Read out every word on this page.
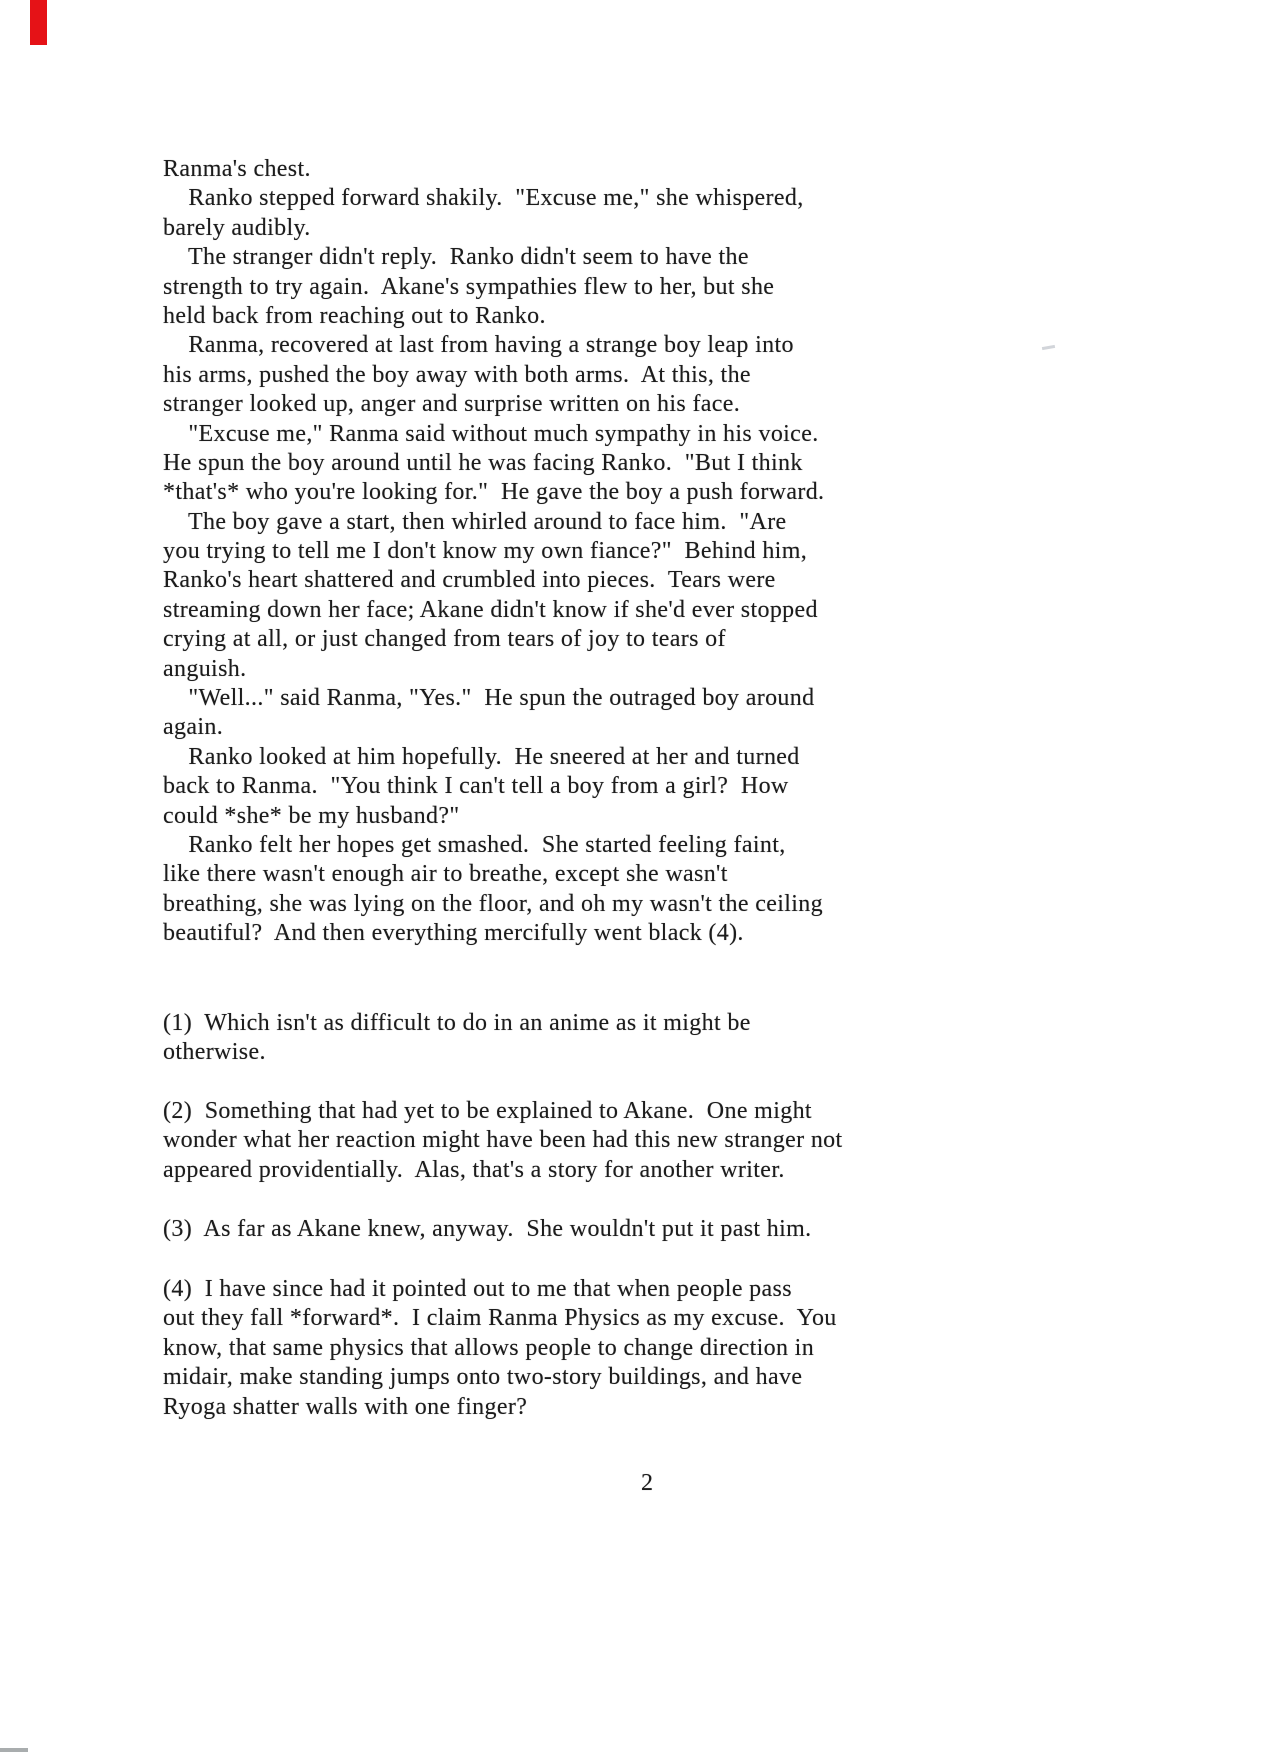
Ranma's chest.
Ranko stepped forward shakily.  "Excuse me," she whispered,
barely audibly.
The stranger didn't reply.  Ranko didn't seem to have the
strength to try again.  Akane's sympathies flew to her, but she
held back from reaching out to Ranko.
Ranma, recovered at last from having a strange boy leap into
his arms, pushed the boy away with both arms.  At this, the
stranger looked up, anger and surprise written on his face.
"Excuse me," Ranma said without much sympathy in his voice.
He spun the boy around until he was facing Ranko.  "But I think
*that's* who you're looking for."  He gave the boy a push forward.
The boy gave a start, then whirled around to face him.  "Are
you trying to tell me I don't know my own fiance?"  Behind him,
Ranko's heart shattered and crumbled into pieces.  Tears were
streaming down her face; Akane didn't know if she'd ever stopped
crying at all, or just changed from tears of joy to tears of
anguish.
"Well..." said Ranma, "Yes."  He spun the outraged boy around
again.
Ranko looked at him hopefully.  He sneered at her and turned
back to Ranma.  "You think I can't tell a boy from a girl?  How
could *she* be my husband?"
Ranko felt her hopes get smashed.  She started feeling faint,
like there wasn't enough air to breathe, except she wasn't
breathing, she was lying on the floor, and oh my wasn't the ceiling
beautiful?  And then everything mercifully went black (4).
(1)  Which isn't as difficult to do in an anime as it might be
otherwise.
(2)  Something that had yet to be explained to Akane.  One might
wonder what her reaction might have been had this new stranger not
appeared providentially.  Alas, that's a story for another writer.
(3)  As far as Akane knew, anyway.  She wouldn't put it past him.
(4)  I have since had it pointed out to me that when people pass
out they fall *forward*.  I claim Ranma Physics as my excuse.  You
know, that same physics that allows people to change direction in
midair, make standing jumps onto two-story buildings, and have
Ryoga shatter walls with one finger?
2
